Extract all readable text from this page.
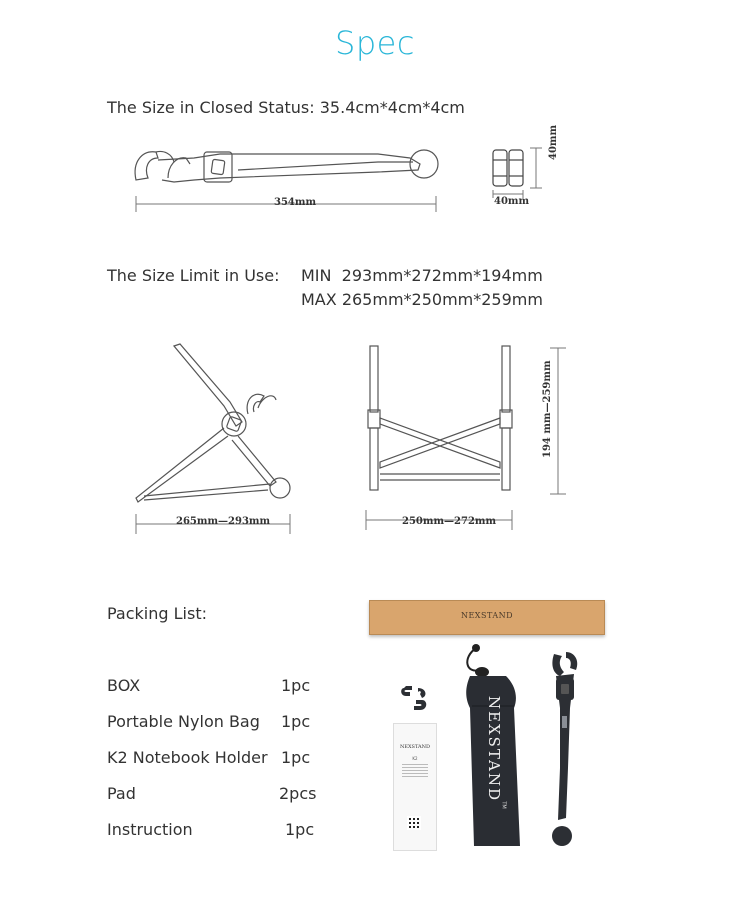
Spec
The Size in Closed Status: 35.4cm*4cm*4cm
354mm
40mm
40mm
The Size Limit in Use: MIN 293mm*272mm*194mm
MAX 265mm*250mm*259mm
265mm—293mm	250mm—272mm
194 mm—259mm
Packing List:
BOX	1pc
Portable Nylon Bag 1pc
K2 Notebook Holder 1pc
Pad	2pcs
Instruction	1pc
NEXSTAND
NEXSTAND
K2	NEXSTAND
TM
